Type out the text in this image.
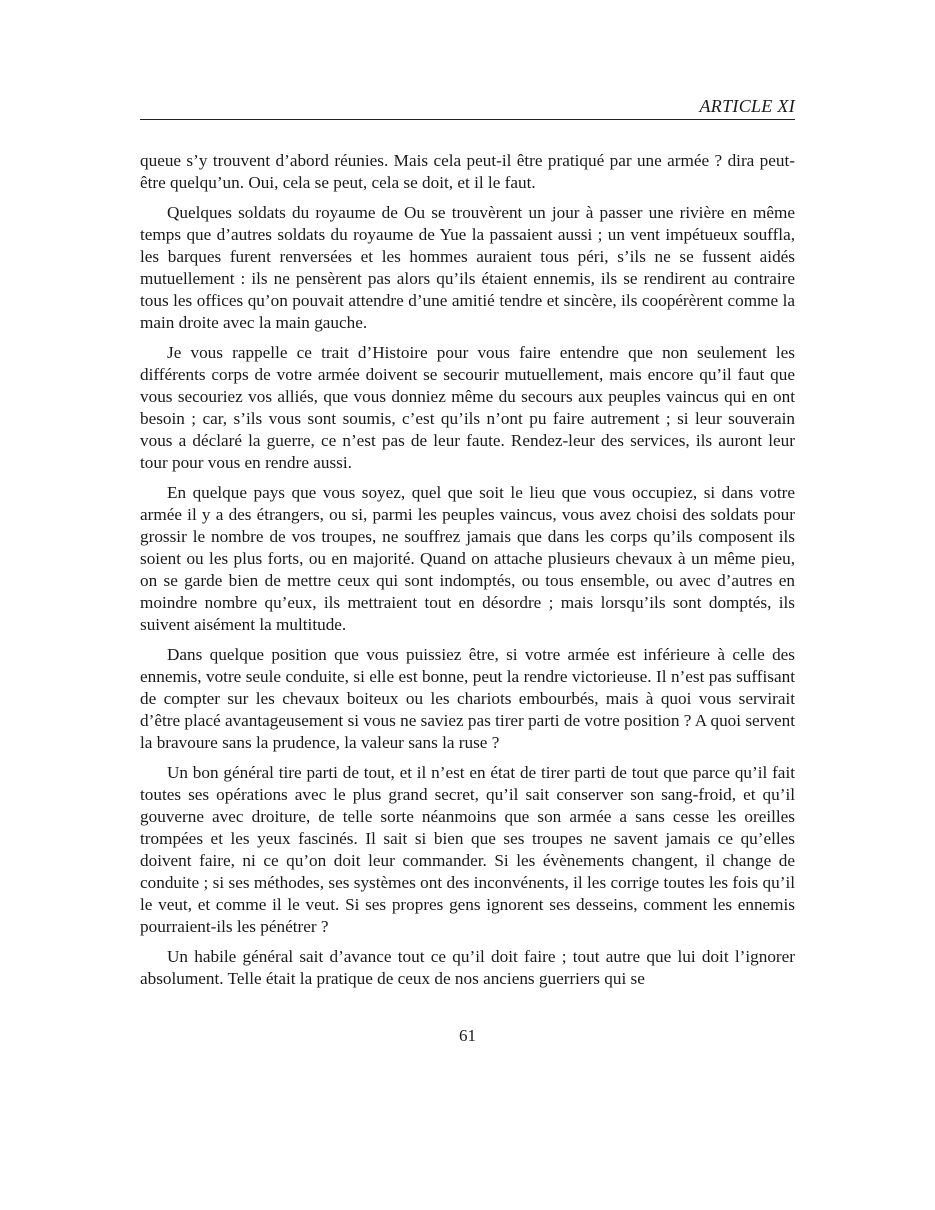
ARTICLE XI

queue s’y trouvent d’abord réunies. Mais cela peut-il être pratiqué par une armée ? dira peut-être quelqu’un. Oui, cela se peut, cela se doit, et il le faut.

Quelques soldats du royaume de Ou se trouvèrent un jour à passer une rivière en même temps que d’autres soldats du royaume de Yue la passaient aussi ; un vent impétueux souffla, les barques furent renversées et les hommes auraient tous péri, s’ils ne se fussent aidés mutuellement : ils ne pensèrent pas alors qu’ils étaient ennemis, ils se rendirent au contraire tous les offices qu’on pouvait attendre d’une amitié tendre et sincère, ils coopérèrent comme la main droite avec la main gauche.

Je vous rappelle ce trait d’Histoire pour vous faire entendre que non seulement les différents corps de votre armée doivent se secourir mutuellement, mais encore qu’il faut que vous secouriez vos alliés, que vous donniez même du secours aux peuples vaincus qui en ont besoin ; car, s’ils vous sont soumis, c’est qu’ils n’ont pu faire autrement ; si leur souverain vous a déclaré la guerre, ce n’est pas de leur faute. Rendez-leur des services, ils auront leur tour pour vous en rendre aussi.

En quelque pays que vous soyez, quel que soit le lieu que vous occupiez, si dans votre armée il y a des étrangers, ou si, parmi les peuples vaincus, vous avez choisi des soldats pour grossir le nombre de vos troupes, ne souffrez jamais que dans les corps qu’ils composent ils soient ou les plus forts, ou en majorité. Quand on attache plusieurs chevaux à un même pieu, on se garde bien de mettre ceux qui sont indomptés, ou tous ensemble, ou avec d’autres en moindre nombre qu’eux, ils mettraient tout en désordre ; mais lorsqu’ils sont domptés, ils suivent aisément la multitude.

Dans quelque position que vous puissiez être, si votre armée est inférieure à celle des ennemis, votre seule conduite, si elle est bonne, peut la rendre victorieuse. Il n’est pas suffisant de compter sur les chevaux boiteux ou les chariots embourbés, mais à quoi vous servirait d’être placé avantageusement si vous ne saviez pas tirer parti de votre position ? A quoi servent la bravoure sans la prudence, la valeur sans la ruse ?

Un bon général tire parti de tout, et il n’est en état de tirer parti de tout que parce qu’il fait toutes ses opérations avec le plus grand secret, qu’il sait conserver son sang-froid, et qu’il gouverne avec droiture, de telle sorte néanmoins que son armée a sans cesse les oreilles trompées et les yeux fascinés. Il sait si bien que ses troupes ne savent jamais ce qu’elles doivent faire, ni ce qu’on doit leur commander. Si les évènements changent, il change de conduite ; si ses méthodes, ses systèmes ont des inconvénents, il les corrige toutes les fois qu’il le veut, et comme il le veut. Si ses propres gens ignorent ses desseins, comment les ennemis pourraient-ils les pénétrer ?

Un habile général sait d’avance tout ce qu’il doit faire ; tout autre que lui doit l’ignorer absolument. Telle était la pratique de ceux de nos anciens guerriers qui se

61
